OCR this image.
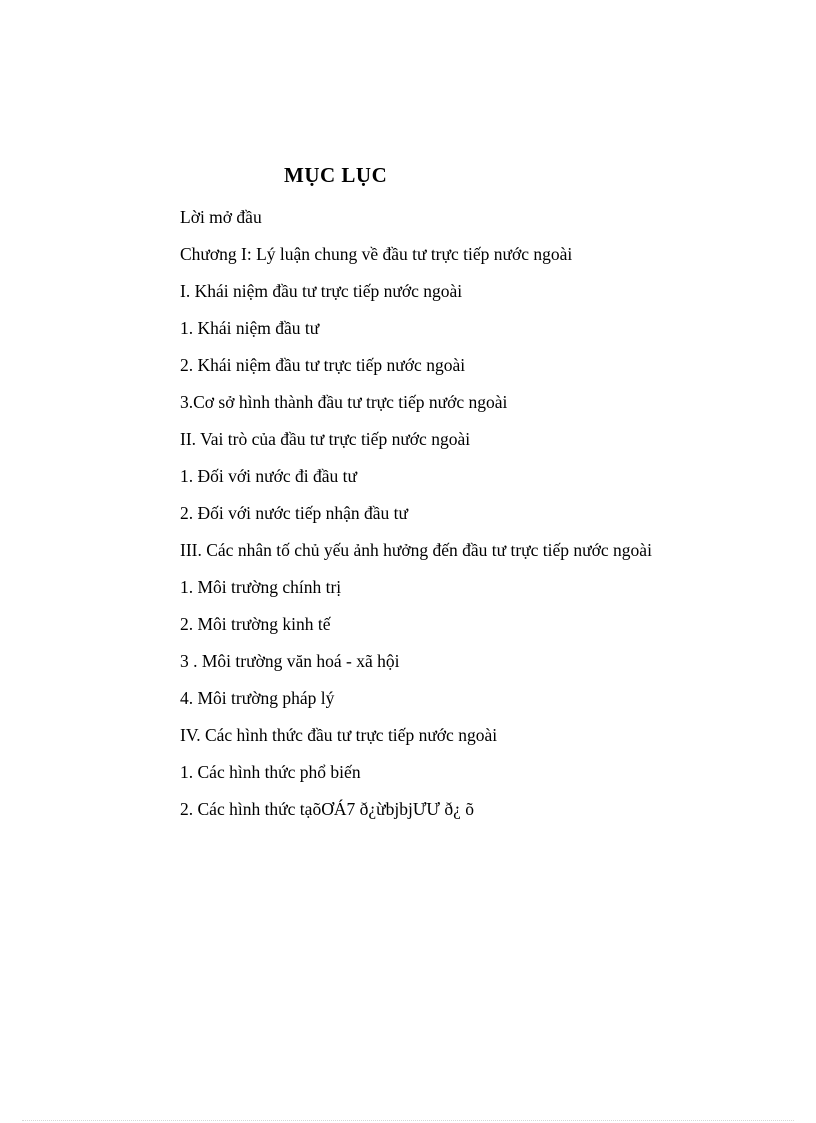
MỤC LỤC
Lời mở đầu
Chương I: Lý luận chung về đầu tư trực tiếp nước ngoài
I. Khái niệm đầu tư trực tiếp nước ngoài
1. Khái niệm đầu tư
2. Khái niệm đầu tư trực tiếp nước ngoài
3.Cơ sở hình thành đầu tư trực tiếp nước ngoài
II. Vai trò của đầu tư trực tiếp nước ngoài
1. Đối với nước đi đầu tư
2. Đối với nước tiếp nhận đầu tư
III. Các nhân tố chủ yếu ảnh hưởng đến đầu tư trực tiếp nước ngoài
1. Môi trường chính trị
2. Môi trường kinh tế
3 . Môi trường văn hoá - xã hội
4. Môi trường pháp lý
IV. Các hình thức đầu tư trực tiếp nước ngoài
1. Các hình thức phổ biến
2. Các hình thức tạõƠÁ7 ð¿ừbjbjƯƯ ð¿ õ
